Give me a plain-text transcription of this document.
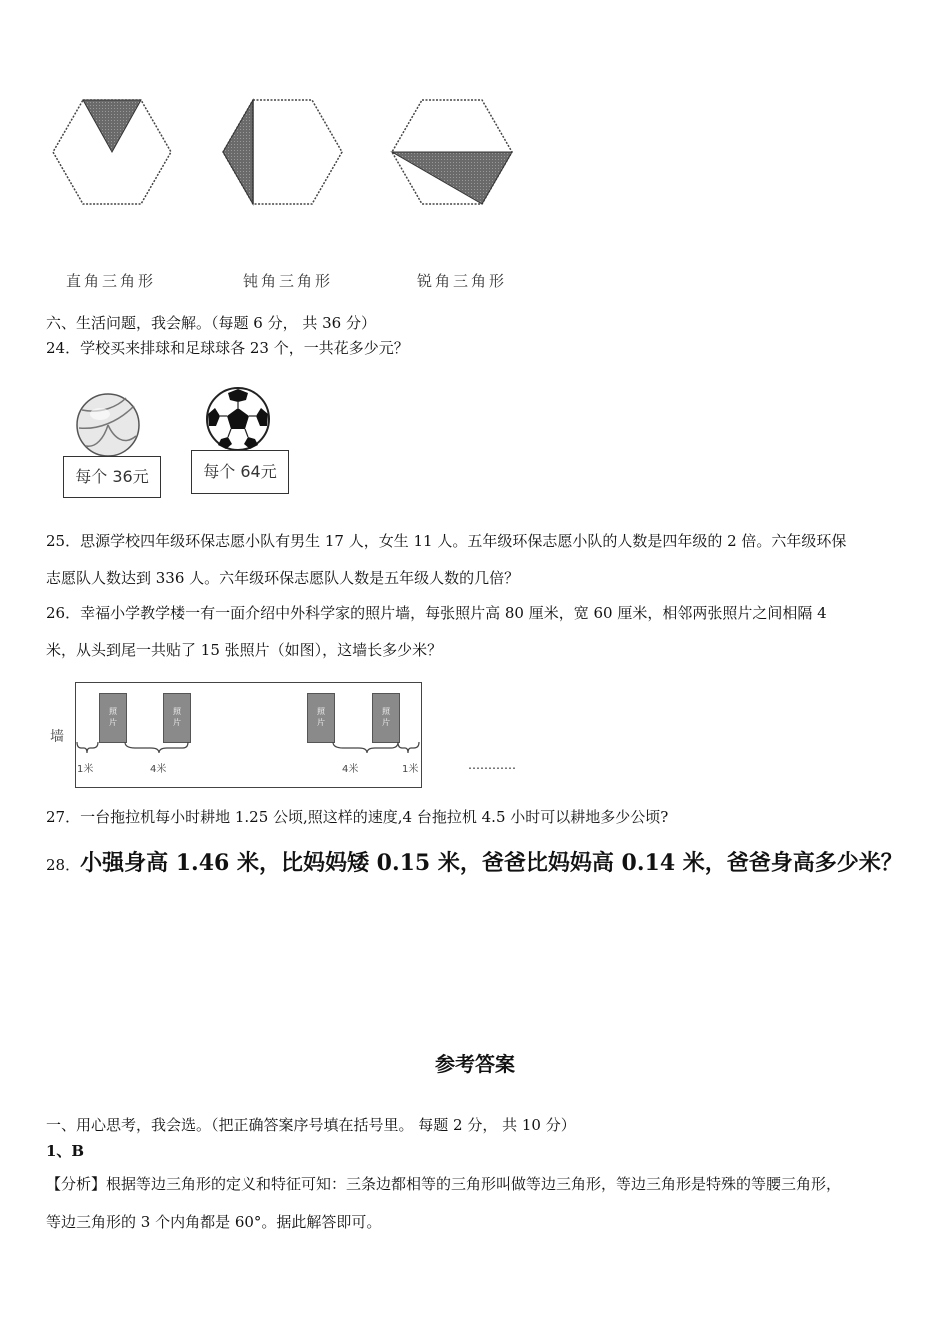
直角三角形	钝角三角形	锐角三角形
六、生活问题，我会解。（每题 6 分， 共 36 分）
24．学校买来排球和足球球各 23 个，一共花多少元？
每个 36元	每个 64元
25．思源学校四年级环保志愿小队有男生 17 人，女生 11 人。五年级环保志愿小队的人数是四年级的 2 倍。六年级环保
志愿队人数达到 336 人。六年级环保志愿队人数是五年级人数的几倍？
26．幸福小学教学楼一有一面介绍中外科学家的照片墙，每张照片高 80 厘米，宽 60 厘米，相邻两张照片之间相隔 4
米，从头到尾一共贴了 15 张照片（如图），这墙长多少米？
墙
照
片
照
片
照
片
照
片
1米	4米	4米	1米	…………
27．一台拖拉机每小时耕地 1.25 公顷,照这样的速度,4 台拖拉机 4.5 小时可以耕地多少公顷?
28．小强身高 1.46 米，比妈妈矮 0.15 米，爸爸比妈妈高 0.14 米，爸爸身高多少米？
参考答案
一、用心思考，我会选。（把正确答案序号填在括号里。 每题 2 分， 共 10 分）
1、B
【分析】根据等边三角形的定义和特征可知：三条边都相等的三角形叫做等边三角形，等边三角形是特殊的等腰三角形，
等边三角形的 3 个内角都是 60°。据此解答即可。
